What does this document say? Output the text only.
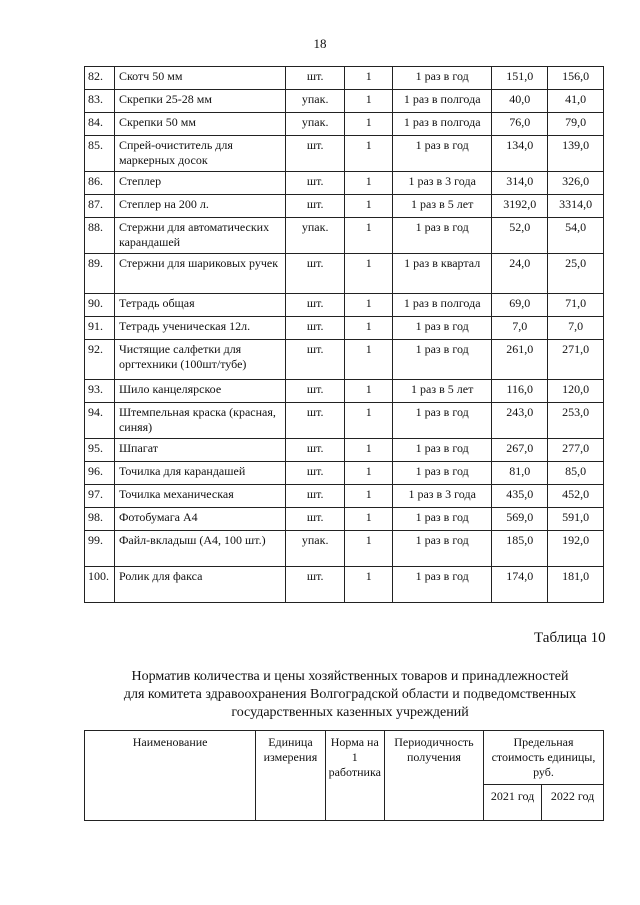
18
82.	Скотч 50 мм	шт.	1	1 раз в год	151,0	156,0
83.	Скрепки 25-28 мм	упак.	1	1 раз в полгода	40,0	41,0
84.	Скрепки 50 мм	упак.	1	1 раз в полгода	76,0	79,0
85.	Спрей-очиститель для маркерных досок	шт.	1	1 раз в год	134,0	139,0
86.	Степлер	шт.	1	1 раз в 3 года	314,0	326,0
87.	Степлер на 200 л.	шт.	1	1 раз в 5 лет	3192,0	3314,0
88.	Стержни для автоматических карандашей	упак.	1	1 раз в год	52,0	54,0
89.	Стержни для шариковых ручек	шт.	1	1 раз в квартал	24,0	25,0
90.	Тетрадь общая	шт.	1	1 раз в полгода	69,0	71,0
91.	Тетрадь ученическая 12л.	шт.	1	1 раз в год	7,0	7,0
92.	Чистящие салфетки для оргтехники (100шт/тубе)	шт.	1	1 раз в год	261,0	271,0
93.	Шило канцелярское	шт.	1	1 раз в 5 лет	116,0	120,0
94.	Штемпельная краска (красная, синяя)	шт.	1	1 раз в год	243,0	253,0
95.	Шпагат	шт.	1	1 раз в год	267,0	277,0
96.	Точилка для карандашей	шт.	1	1 раз в год	81,0	85,0
97.	Точилка механическая	шт.	1	1 раз в 3 года	435,0	452,0
98.	Фотобумага А4	шт.	1	1 раз в год	569,0	591,0
99.	Файл-вкладыш (А4, 100 шт.)	упак.	1	1 раз в год	185,0	192,0
100.	Ролик для факса	шт.	1	1 раз в год	174,0	181,0
Таблица 10
Норматив количества и цены хозяйственных товаров и принадлежностей
для комитета здравоохранения Волгоградской области и подведомственных
государственных казенных учреждений
Наименование	Единица измерения	Норма на 1 работника	Периодичность получения	Предельная стоимость единицы, руб.	
				2021 год	2022 год
